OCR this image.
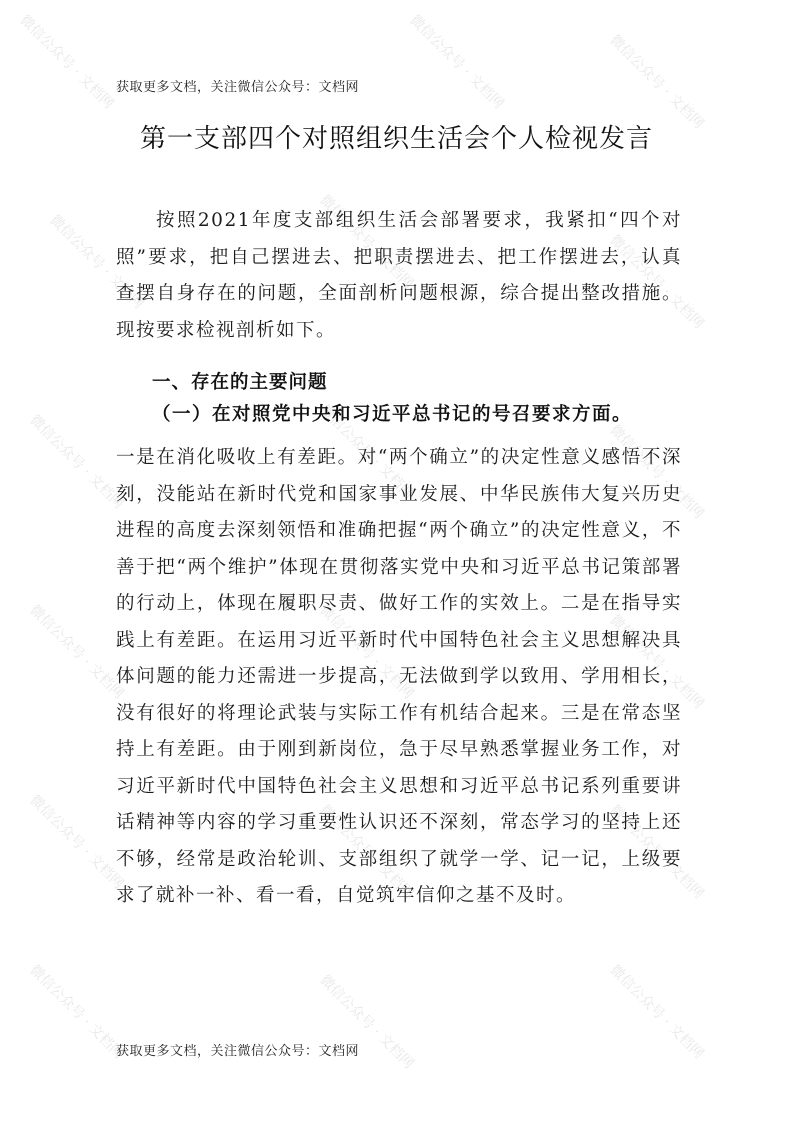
微信公众号 · 文档网	微信公众号 · 文档网	微信公众号 · 文档网
微信公众号 · 文档网	微信公众号 · 文档网	微信公众号 · 文档网
微信公众号 · 文档网	微信公众号 · 文档网	微信公众号 · 文档网
微信公众号 · 文档网	微信公众号 · 文档网	微信公众号 · 文档网
微信公众号 · 文档网	微信公众号 · 文档网	微信公众号 · 文档网
微信公众号 · 文档网	微信公众号 · 文档网	微信公众号 · 文档网
获取更多文档，关注微信公众号：文档网
第一支部四个对照组织生活会个人检视发言

按照2021年度支部组织生活会部署要求，我紧扣“四个对照”要求，把自己摆进去、把职责摆进去、把工作摆进去，认真查摆自身存在的问题，全面剖析问题根源，综合提出整改措施。现按要求检视剖析如下。

一、存在的主要问题
（一）在对照党中央和习近平总书记的号召要求方面。

一是在消化吸收上有差距。对“两个确立”的决定性意义感悟不深刻，没能站在新时代党和国家事业发展、中华民族伟大复兴历史进程的高度去深刻领悟和准确把握“两个确立”的决定性意义，不善于把“两个维护”体现在贯彻落实党中央和习近平总书记策部署的行动上，体现在履职尽责、做好工作的实效上。二是在指导实践上有差距。在运用习近平新时代中国特色社会主义思想解决具体问题的能力还需进一步提高，无法做到学以致用、学用相长，没有很好的将理论武装与实际工作有机结合起来。三是在常态坚持上有差距。由于刚到新岗位，急于尽早熟悉掌握业务工作，对习近平新时代中国特色社会主义思想和习近平总书记系列重要讲话精神等内容的学习重要性认识还不深刻，常态学习的坚持上还不够，经常是政治轮训、支部组织了就学一学、记一记，上级要求了就补一补、看一看，自觉筑牢信仰之基不及时。

获取更多文档，关注微信公众号：文档网
